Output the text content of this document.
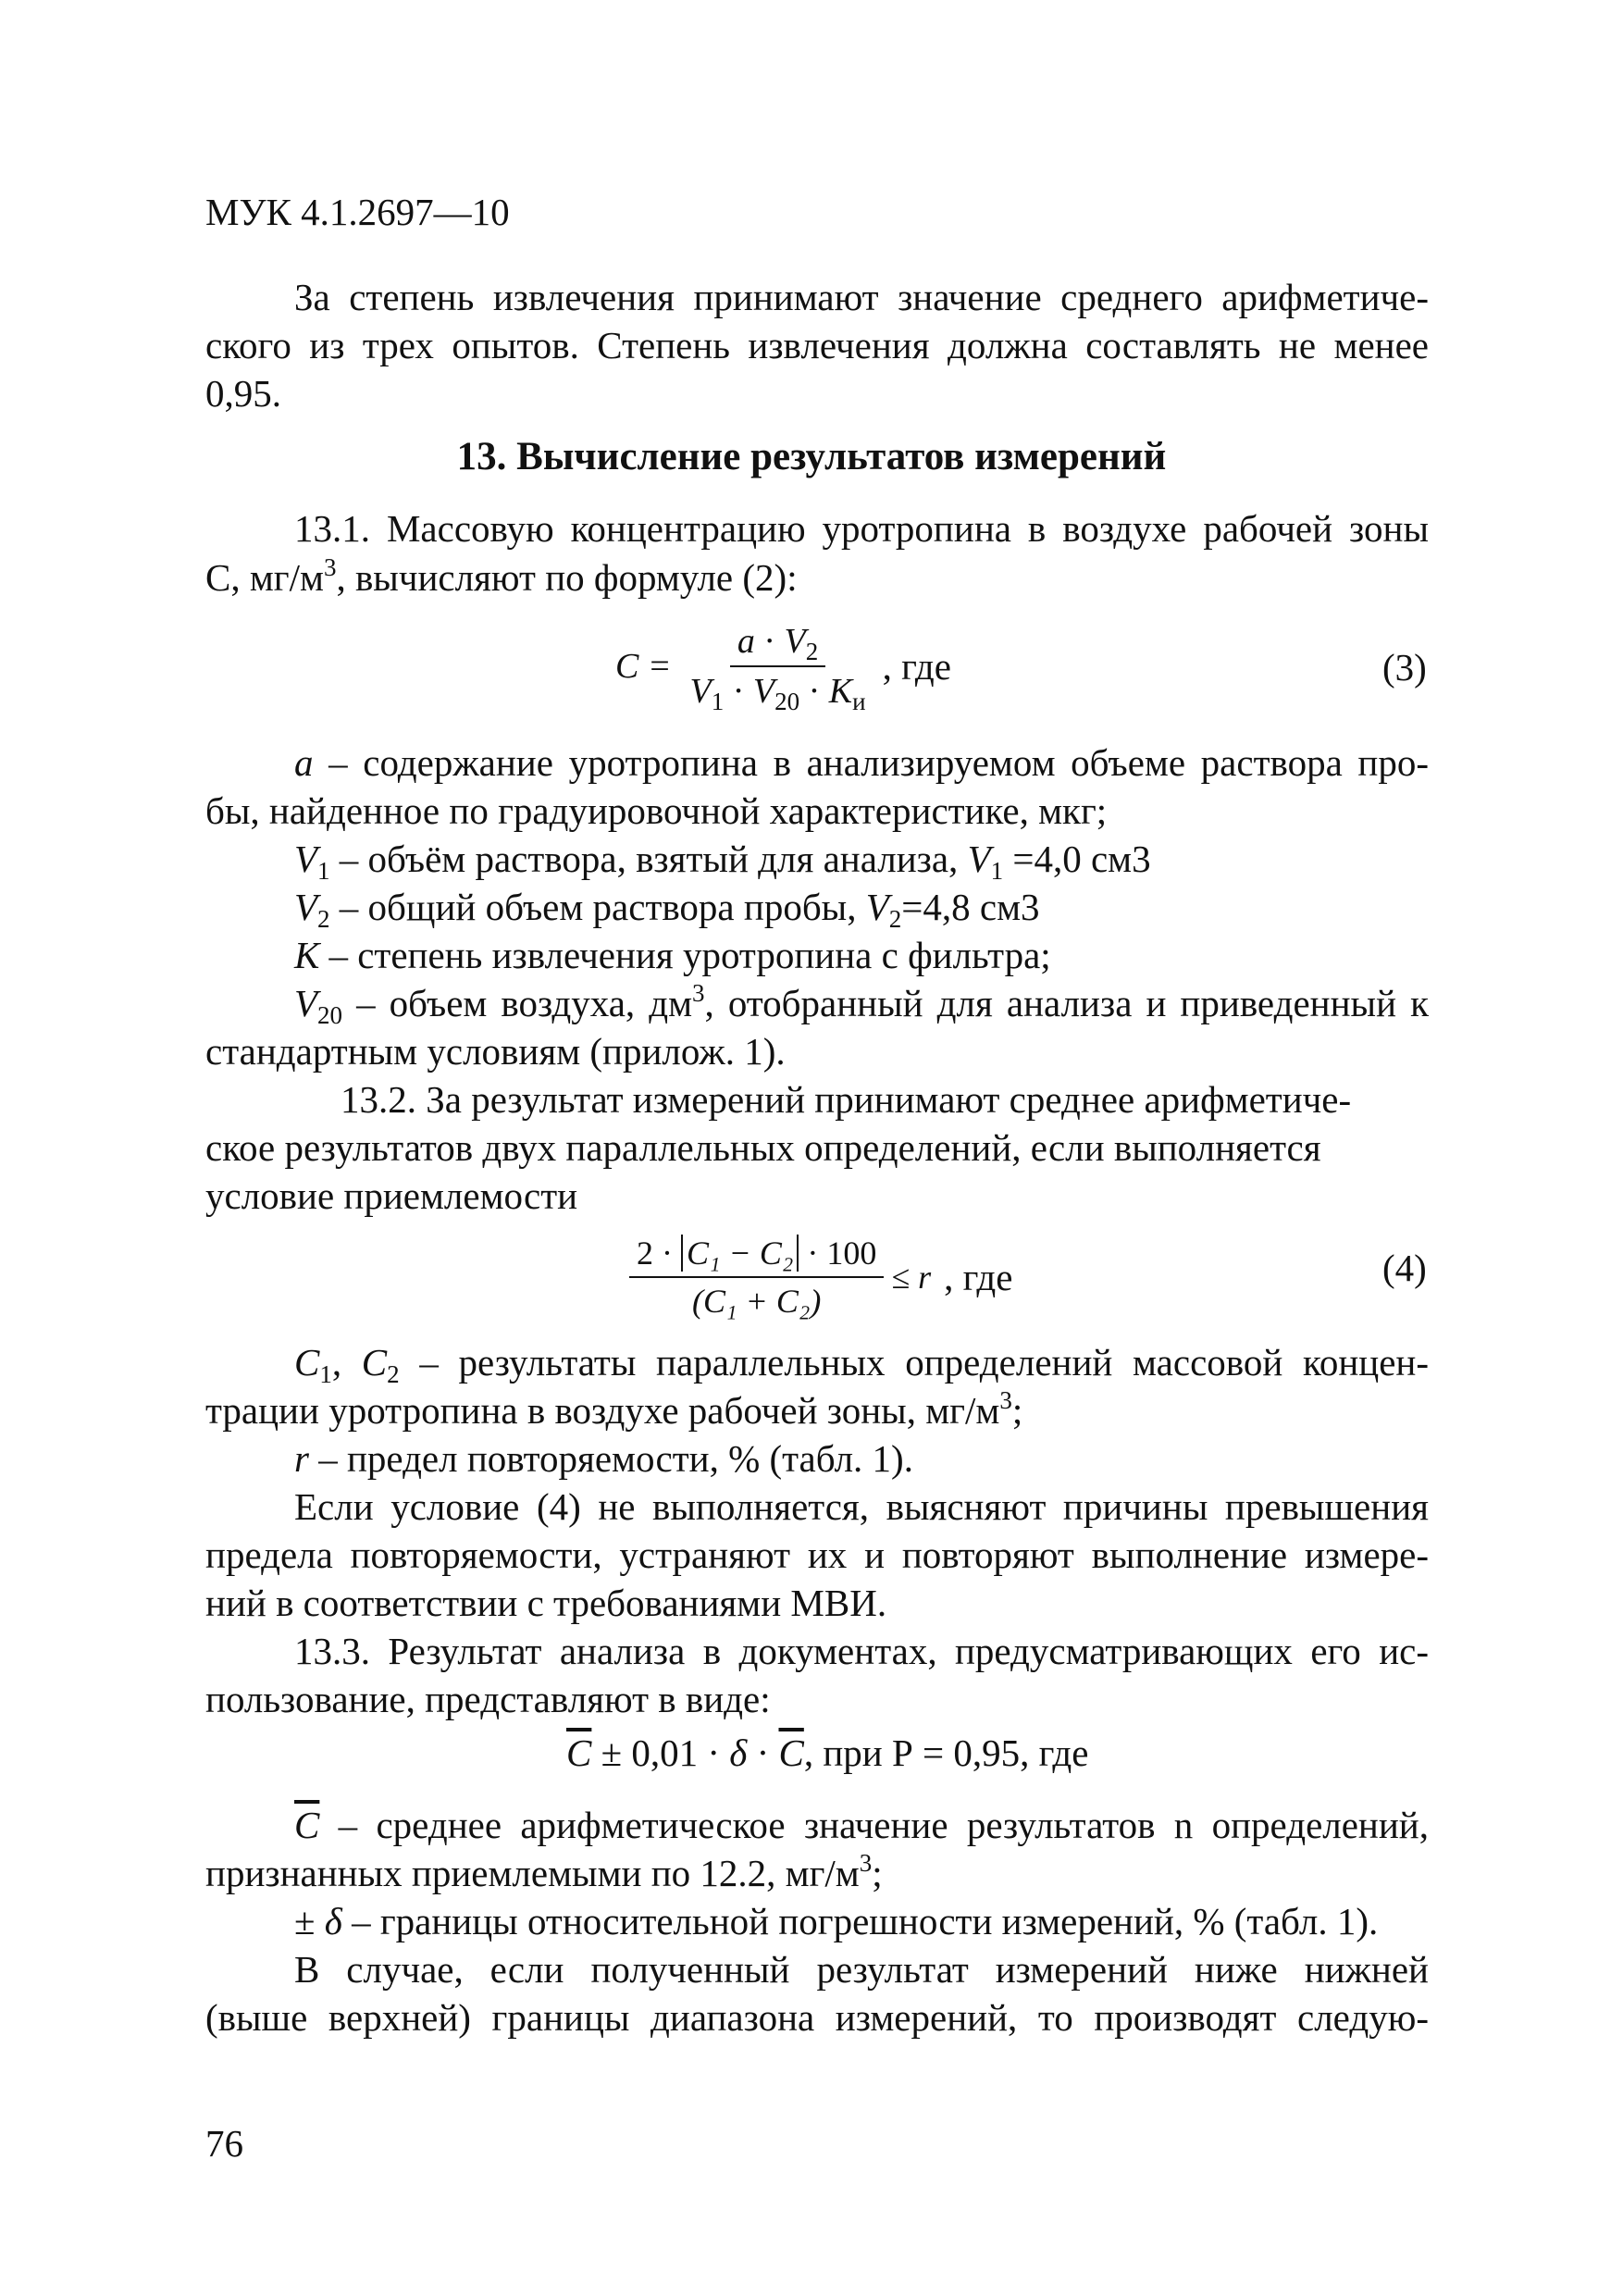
МУК 4.1.2697—10
За степень извлечения принимают значение среднего арифметиче-
ского из трех опытов. Степень извлечения должна составлять не менее
0,95.
13. Вычисление результатов измерений
13.1. Массовую концентрацию уротропина в воздухе рабочей зоны
С, $мг/м^3$, вычисляют по формуле (2):
$C = \frac{a \cdot V_2}{V_1 \cdot V_{20} \cdot K_и}$ , где	(3)
a – содержание уротропина в анализируемом объеме раствора про-
бы, найденное по градуировочной характеристике, мкг;
$V_1$ – объём раствора, взятый для анализа, $V_1 =4,0$ см3
$V_2$ – общий объем раствора пробы, $V_2=4,8$ см3
К – степень извлечения уротропина с фильтра;
$V_{20}$ – объем воздуха, $дм^3$, отобранный для анализа и приведенный к
стандартным условиям (прилож. 1).
13.2. За результат измерений принимают среднее арифметиче-
ское результатов двух параллельных определений, если выполняется
условие приемлемости
$\frac{\text{2 · C₁ − C₂ · 100}}{\text{(C₁ + C₂)}} \le r$ , где	(4)
$C_1$, $C_2$ – результаты параллельных определений массовой концен-
трации уротропина в воздухе рабочей зоны, $мг/м^3$;
r – предел повторяемости, % (табл. 1).
Если условие (4) не выполняется, выясняют причины превышения
предела повторяемости, устраняют их и повторяют выполнение измере-
ний в соответствии с требованиями МВИ.
13.3. Результат анализа в документах, предусматривающих его ис-
пользование, представляют в виде:
$\overline{C} \pm 0,01 \cdot \delta \cdot \overline{C}$, при Р = 0,95, где
$\overline{C}$ – среднее арифметическое значение результатов n определений,
признанных приемлемыми по 12.2, $мг/м^3$;
± δ – границы относительной погрешности измерений, % (табл. 1).
В случае, если полученный результат измерений ниже нижней
(выше верхней) границы диапазона измерений, то производят следую-
76
